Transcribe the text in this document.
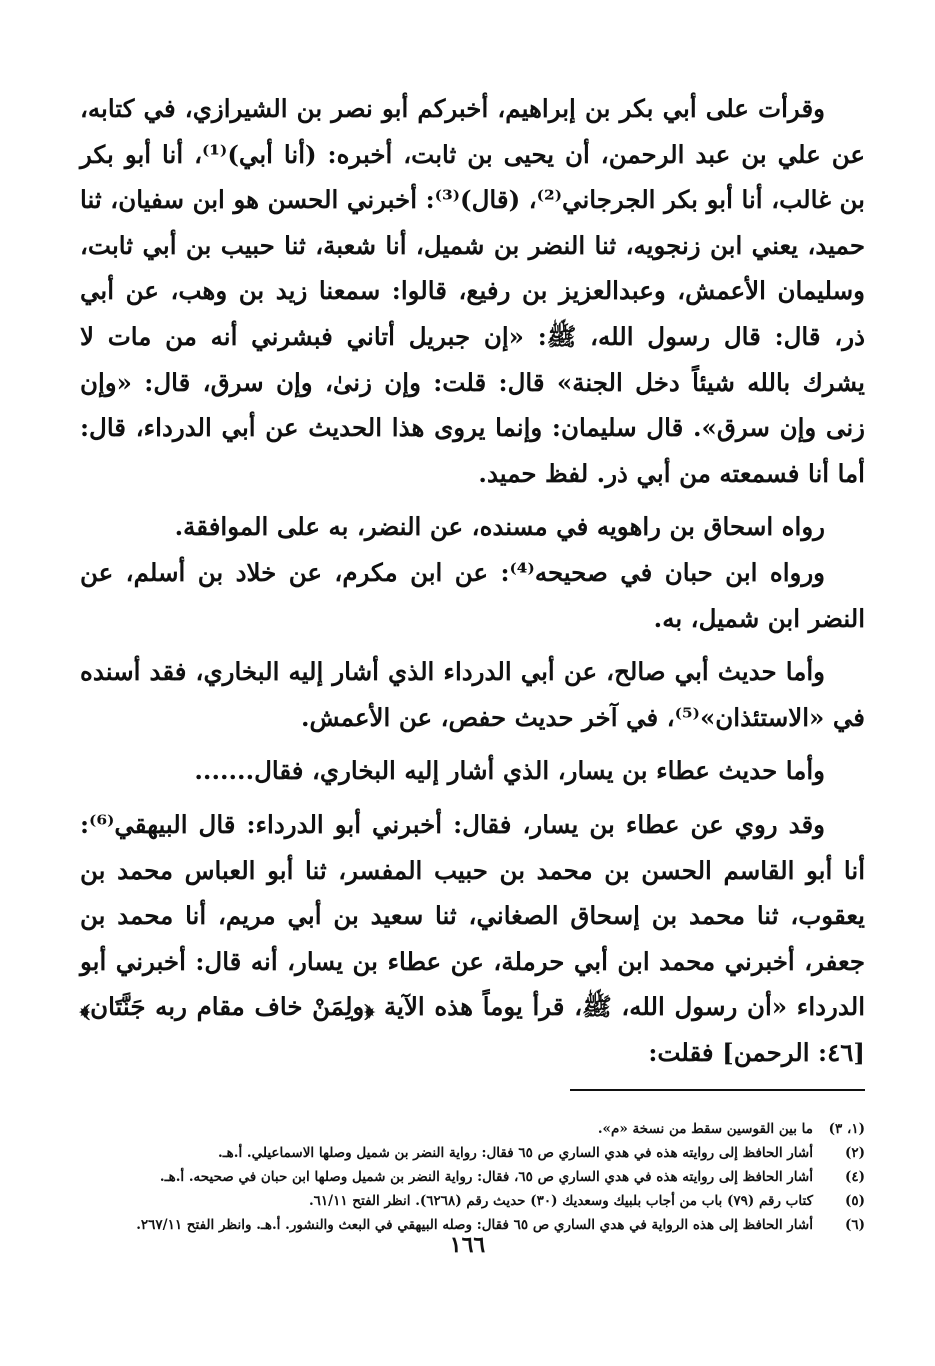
وقرأت على أبي بكر بن إبراهيم، أخبركم أبو نصر بن الشيرازي، في كتابه، عن علي بن عبد الرحمن، أن يحيى بن ثابت، أخبره: (أنا أبي)⁽¹⁾، أنا أبو بكر بن غالب، أنا أبو بكر الجرجاني⁽²⁾، (قال)⁽³⁾: أخبرني الحسن هو ابن سفيان، ثنا حميد، يعني ابن زنجويه، ثنا النضر بن شميل، أنا شعبة، ثنا حبيب بن أبي ثابت، وسليمان الأعمش، وعبدالعزيز بن رفيع، قالوا: سمعنا زيد بن وهب، عن أبي ذر، قال: قال رسول الله، ﷺ: «إن جبريل أتاني فبشرني أنه من مات لا يشرك بالله شيئاً دخل الجنة» قال: قلت: وإن زنىٰ، وإن سرق، قال: «وإن زنى وإن سرق». قال سليمان: وإنما يروى هذا الحديث عن أبي الدرداء، قال: أما أنا فسمعته من أبي ذر. لفظ حميد.

رواه اسحاق بن راهويه في مسنده، عن النضر، به على الموافقة.

ورواه ابن حبان في صحيحه⁽⁴⁾: عن ابن مكرم، عن خلاد بن أسلم، عن النضر ابن شميل، به.

وأما حديث أبي صالح، عن أبي الدرداء الذي أشار إليه البخاري، فقد أسنده في «الاستئذان»⁽⁵⁾، في آخر حديث حفص، عن الأعمش.

وأما حديث عطاء بن يسار، الذي أشار إليه البخاري، فقال.......

وقد روي عن عطاء بن يسار، فقال: أخبرني أبو الدرداء: قال البيهقي⁽⁶⁾: أنا أبو القاسم الحسن بن محمد بن حبيب المفسر، ثنا أبو العباس محمد بن يعقوب، ثنا محمد بن إسحاق الصغاني، ثنا سعيد بن أبي مريم، أنا محمد بن جعفر، أخبرني محمد ابن أبي حرملة، عن عطاء بن يسار، أنه قال: أخبرني أبو الدرداء «أن رسول الله، ﷺ، قرأ يوماً هذه الآية ﴿ولِمَنْ خاف مقام ربه جَنَّتَان﴾ [٤٦: الرحمن] فقلت:

(١، ٣)
ما بين القوسين سقط من نسخة «م».
(٢)
أشار الحافظ إلى روايته هذه في هدي الساري ص ٦٥ فقال: رواية النضر بن شميل وصلها الاسماعيلي. أ.هـ.
(٤)
أشار الحافظ إلى روايته هذه في هدي الساري ص ٦٥، فقال: رواية النضر بن شميل وصلها ابن حبان في صحيحه. أ.هـ.
(٥)
كتاب رقم (٧٩) باب من أجاب بلبيك وسعديك (٣٠) حديث رقم (٦٢٦٨). انظر الفتح ٦١/١١.
(٦)
أشار الحافظ إلى هذه الرواية في هدي الساري ص ٦٥ فقال: وصله البيهقي في البعث والنشور. أ.هـ. وانظر الفتح ٢٦٧/١١.
١٦٦
